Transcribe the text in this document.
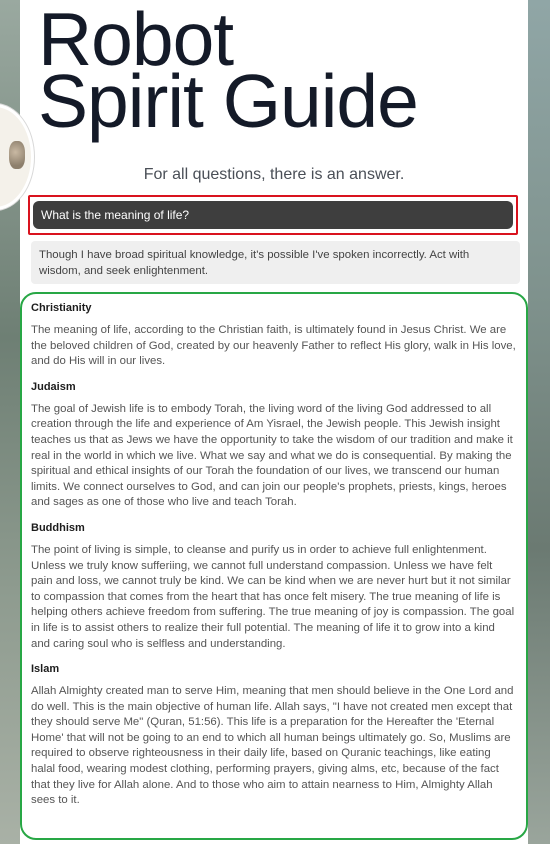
Robot
Spirit Guide
For all questions, there is an answer.
What is the meaning of life?
Though I have broad spiritual knowledge, it's possible I've spoken incorrectly. Act with wisdom, and seek enlightenment.
Christianity

The meaning of life, according to the Christian faith, is ultimately found in Jesus Christ. We are the beloved children of God, created by our heavenly Father to reflect His glory, walk in His love, and do His will in our lives.

Judaism

The goal of Jewish life is to embody Torah, the living word of the living God addressed to all creation through the life and experience of Am Yisrael, the Jewish people. This Jewish insight teaches us that as Jews we have the opportunity to take the wisdom of our tradition and make it real in the world in which we live. What we say and what we do is consequential. By making the spiritual and ethical insights of our Torah the foundation of our lives, we transcend our human limits. We connect ourselves to God, and can join our people's prophets, priests, kings, heroes and sages as one of those who live and teach Torah.

Buddhism

The point of living is simple, to cleanse and purify us in order to achieve full enlightenment. Unless we truly know sufferiing, we cannot full understand compassion. Unless we have felt pain and loss, we cannot truly be kind. We can be kind when we are never hurt but it not similar to compassion that comes from the heart that has once felt misery. The true meaning of life is helping others achieve freedom from suffering. The true meaning of joy is compassion. The goal in life is to assist others to realize their full potential. The meaning of life it to grow into a kind and caring soul who is selfless and understanding.

Islam

Allah Almighty created man to serve Him, meaning that men should believe in the One Lord and do well. This is the main objective of human life. Allah says, "I have not created men except that they should serve Me" (Quran, 51:56). This life is a preparation for the Hereafter the 'Eternal Home' that will not be going to an end to which all human beings ultimately go. So, Muslims are required to observe righteousness in their daily life, based on Quranic teachings, like eating halal food, wearing modest clothing, performing prayers, giving alms, etc, because of the fact that they live for Allah alone. And to those who aim to attain nearness to Him, Almighty Allah sees to it.
